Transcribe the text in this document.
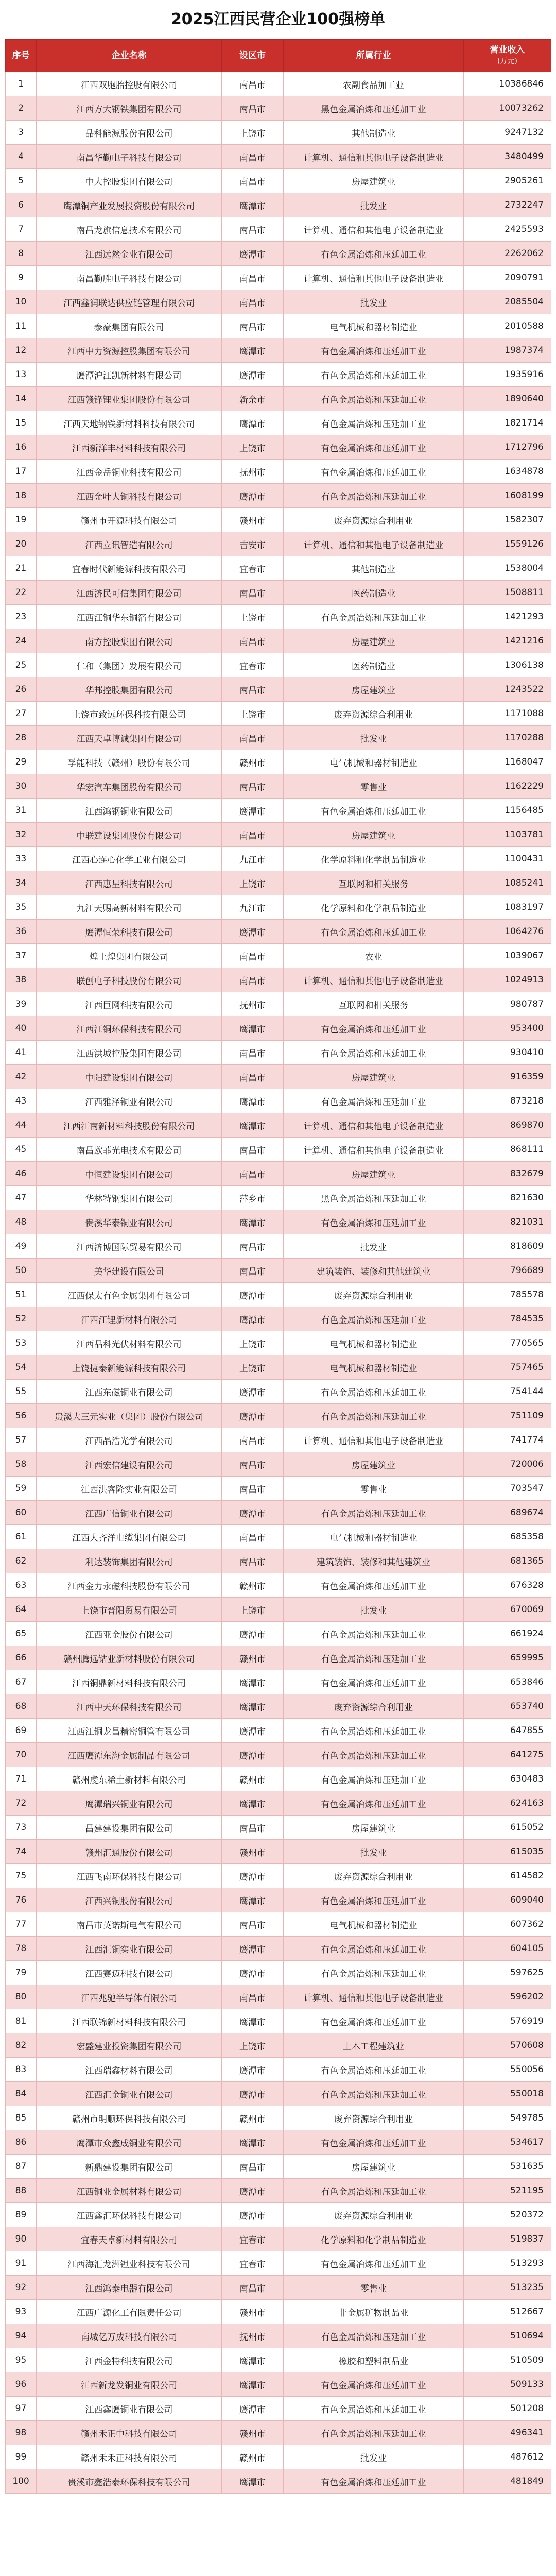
2025江西民营企业100强榜单
序号	企业名称	设区市	所属行业	营业收入
(万元)

1	江西双胞胎控股有限公司	南昌市	农副食品加工业	10386846
2	江西方大钢铁集团有限公司	南昌市	黑色金属冶炼和压延加工业	10073262
3	晶科能源股份有限公司	上饶市	其他制造业	9247132
4	南昌华勤电子科技有限公司	南昌市	计算机、通信和其他电子设备制造业	3480499
5	中大控股集团有限公司	南昌市	房屋建筑业	2905261
6	鹰潭铜产业发展投资股份有限公司	鹰潭市	批发业	2732247
7	南昌龙旗信息技术有限公司	南昌市	计算机、通信和其他电子设备制造业	2425593
8	江西远然金业有限公司	鹰潭市	有色金属冶炼和压延加工业	2262062
9	南昌勤胜电子科技有限公司	南昌市	计算机、通信和其他电子设备制造业	2090791
10	江西鑫润联达供应链管理有限公司	南昌市	批发业	2085504
11	泰豪集团有限公司	南昌市	电气机械和器材制造业	2010588
12	江西中力资源控股集团有限公司	鹰潭市	有色金属冶炼和压延加工业	1987374
13	鹰潭沪江凯新材料有限公司	鹰潭市	有色金属冶炼和压延加工业	1935916
14	江西赣锋锂业集团股份有限公司	新余市	有色金属冶炼和压延加工业	1890640
15	江西天地钢铁新材料科技有限公司	鹰潭市	有色金属冶炼和压延加工业	1821714
16	江西新洋丰材料科技有限公司	上饶市	有色金属冶炼和压延加工业	1712796
17	江西金岳铜业科技有限公司	抚州市	有色金属冶炼和压延加工业	1634878
18	江西金叶大铜科技有限公司	鹰潭市	有色金属冶炼和压延加工业	1608199
19	赣州市开源科技有限公司	赣州市	废弃资源综合利用业	1582307
20	江西立讯智造有限公司	吉安市	计算机、通信和其他电子设备制造业	1559126
21	宜春时代新能源科技有限公司	宜春市	其他制造业	1538004
22	江西济民可信集团有限公司	南昌市	医药制造业	1508811
23	江西江铜华东铜箔有限公司	上饶市	有色金属冶炼和压延加工业	1421293
24	南方控股集团有限公司	南昌市	房屋建筑业	1421216
25	仁和（集团）发展有限公司	宜春市	医药制造业	1306138
26	华邦控股集团有限公司	南昌市	房屋建筑业	1243522
27	上饶市致远环保科技有限公司	上饶市	废弃资源综合利用业	1171088
28	江西天卓博诚集团有限公司	南昌市	批发业	1170288
29	孚能科技（赣州）股份有限公司	赣州市	电气机械和器材制造业	1168047
30	华宏汽车集团股份有限公司	南昌市	零售业	1162229
31	江西鸿钢铜业有限公司	鹰潭市	有色金属冶炼和压延加工业	1156485
32	中联建设集团股份有限公司	南昌市	房屋建筑业	1103781
33	江西心连心化学工业有限公司	九江市	化学原料和化学制品制造业	1100431
34	江西惠星科技有限公司	上饶市	互联网和相关服务	1085241
35	九江天赐高新材料有限公司	九江市	化学原料和化学制品制造业	1083197
36	鹰潭恒荣科技有限公司	鹰潭市	有色金属冶炼和压延加工业	1064276
37	煌上煌集团有限公司	南昌市	农业	1039067
38	联创电子科技股份有限公司	南昌市	计算机、通信和其他电子设备制造业	1024913
39	江西巨网科技有限公司	抚州市	互联网和相关服务	980787
40	江西江铜环保科技有限公司	鹰潭市	有色金属冶炼和压延加工业	953400
41	江西洪城控股集团有限公司	南昌市	有色金属冶炼和压延加工业	930410
42	中阳建设集团有限公司	南昌市	房屋建筑业	916359
43	江西雅泽铜业有限公司	鹰潭市	有色金属冶炼和压延加工业	873218
44	江西江南新材料科技股份有限公司	鹰潭市	计算机、通信和其他电子设备制造业	869870
45	南昌欧菲光电技术有限公司	南昌市	计算机、通信和其他电子设备制造业	868111
46	中恒建设集团有限公司	南昌市	房屋建筑业	832679
47	华林特钢集团有限公司	萍乡市	黑色金属冶炼和压延加工业	821630
48	贵溪华泰铜业有限公司	鹰潭市	有色金属冶炼和压延加工业	821031
49	江西济博国际贸易有限公司	南昌市	批发业	818609
50	美华建设有限公司	南昌市	建筑装饰、装修和其他建筑业	796689
51	江西保太有色金属集团有限公司	鹰潭市	废弃资源综合利用业	785578
52	江西江锂新材料有限公司	鹰潭市	有色金属冶炼和压延加工业	784535
53	江西晶科光伏材料有限公司	上饶市	电气机械和器材制造业	770565
54	上饶捷泰新能源科技有限公司	上饶市	电气机械和器材制造业	757465
55	江西东磁铜业有限公司	鹰潭市	有色金属冶炼和压延加工业	754144
56	贵溪大三元实业（集团）股份有限公司	鹰潭市	有色金属冶炼和压延加工业	751109
57	江西晶浩光学有限公司	南昌市	计算机、通信和其他电子设备制造业	741774
58	江西宏信建设有限公司	南昌市	房屋建筑业	720006
59	江西洪客隆实业有限公司	南昌市	零售业	703547
60	江西广信铜业有限公司	鹰潭市	有色金属冶炼和压延加工业	689674
61	江西大齐洋电缆集团有限公司	南昌市	电气机械和器材制造业	685358
62	利达装饰集团有限公司	南昌市	建筑装饰、装修和其他建筑业	681365
63	江西金力永磁科技股份有限公司	赣州市	有色金属冶炼和压延加工业	676328
64	上饶市晋阳贸易有限公司	上饶市	批发业	670069
65	江西亚金股份有限公司	鹰潭市	有色金属冶炼和压延加工业	661924
66	赣州腾远钴业新材料股份有限公司	赣州市	有色金属冶炼和压延加工业	659995
67	江西铜鼎新材料科技有限公司	鹰潭市	有色金属冶炼和压延加工业	653846
68	江西中天环保科技有限公司	鹰潭市	废弃资源综合利用业	653740
69	江西江铜龙昌精密铜管有限公司	鹰潭市	有色金属冶炼和压延加工业	647855
70	江西鹰潭东海金属制品有限公司	鹰潭市	有色金属冶炼和压延加工业	641275
71	赣州虔东稀土新材料有限公司	赣州市	有色金属冶炼和压延加工业	630483
72	鹰潭瑞兴铜业有限公司	鹰潭市	有色金属冶炼和压延加工业	624163
73	昌建建设集团有限公司	南昌市	房屋建筑业	615052
74	赣州汇通股份有限公司	赣州市	批发业	615035
75	江西飞南环保科技有限公司	鹰潭市	废弃资源综合利用业	614582
76	江西兴铜股份有限公司	鹰潭市	有色金属冶炼和压延加工业	609040
77	南昌市英诺斯电气有限公司	南昌市	电气机械和器材制造业	607362
78	江西汇铜实业有限公司	鹰潭市	有色金属冶炼和压延加工业	604105
79	江西赛迈科技有限公司	鹰潭市	有色金属冶炼和压延加工业	597625
80	江西兆驰半导体有限公司	南昌市	计算机、通信和其他电子设备制造业	596202
81	江西联锦新材料科技有限公司	鹰潭市	有色金属冶炼和压延加工业	576919
82	宏盛建业投资集团有限公司	上饶市	土木工程建筑业	570608
83	江西瑞鑫材料有限公司	鹰潭市	有色金属冶炼和压延加工业	550056
84	江西汇金铜业有限公司	鹰潭市	有色金属冶炼和压延加工业	550018
85	赣州市明顺环保科技有限公司	赣州市	废弃资源综合利用业	549785
86	鹰潭市众鑫成铜业有限公司	鹰潭市	有色金属冶炼和压延加工业	534617
87	新鼎建设集团有限公司	南昌市	房屋建筑业	531635
88	江西铜业金属材料有限公司	鹰潭市	有色金属冶炼和压延加工业	521195
89	江西鑫汇环保科技有限公司	鹰潭市	废弃资源综合利用业	520372
90	宜春天卓新材料有限公司	宜春市	化学原料和化学制品制造业	519837
91	江西海汇龙洲锂业科技有限公司	宜春市	有色金属冶炼和压延加工业	513293
92	江西鸿泰电器有限公司	南昌市	零售业	513235
93	江西广源化工有限责任公司	赣州市	非金属矿物制品业	512667
94	南城亿万成科技有限公司	抚州市	有色金属冶炼和压延加工业	510694
95	江西金特科技有限公司	鹰潭市	橡胶和塑料制品业	510509
96	江西新龙发铜业有限公司	鹰潭市	有色金属冶炼和压延加工业	509133
97	江西鑫鹰铜业有限公司	鹰潭市	有色金属冶炼和压延加工业	501208
98	赣州禾正中科技有限公司	赣州市	有色金属冶炼和压延加工业	496341
99	赣州禾禾正科技有限公司	赣州市	批发业	487612
100	贵溪市鑫浩泰环保科技有限公司	鹰潭市	有色金属冶炼和压延加工业	481849
